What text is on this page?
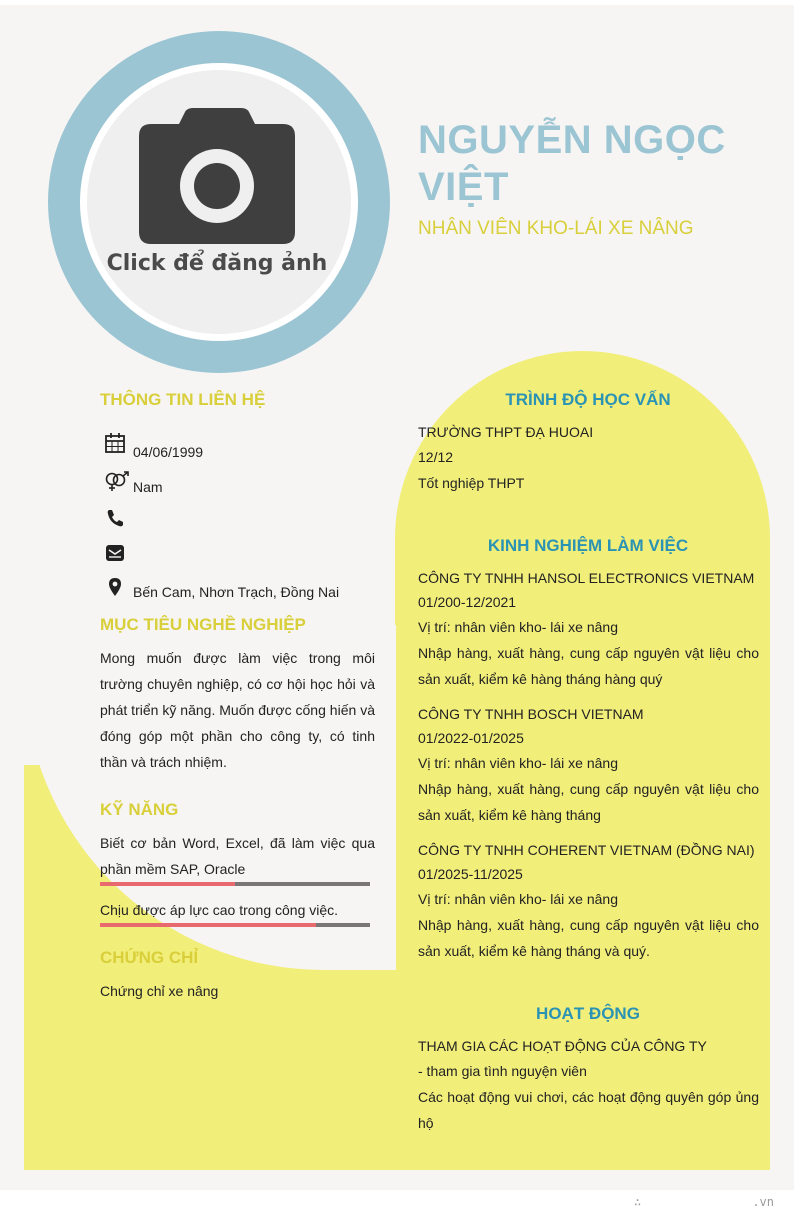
Click để đăng ảnh
NGUYỄN NGỌC
VIỆT
NHÂN VIÊN KHO-LÁI XE NÂNG
THÔNG TIN LIÊN HỆ
04/06/1999
Nam
Bến Cam, Nhơn Trạch, Đồng Nai
MỤC TIÊU NGHỀ NGHIỆP
Mong muốn được làm việc trong môi trường chuyên nghiệp, có cơ hội học hỏi và phát triển kỹ năng. Muốn được cống hiến và đóng góp một phần cho công ty, có tinh thần và trách nhiệm.
KỸ NĂNG
Biết cơ bản Word, Excel, đã làm việc qua phần mềm SAP, Oracle
Chịu được áp lực cao trong công việc.
CHỨNG CHỈ
Chứng chỉ xe nâng
TRÌNH ĐỘ HỌC VẤN
TRƯỜNG THPT ĐẠ HUOAI
12/12
Tốt nghiệp THPT
KINH NGHIỆM LÀM VIỆC
CÔNG TY TNHH HANSOL ELECTRONICS VIETNAM
01/200-12/2021
Vị trí: nhân viên kho- lái xe nâng
Nhập hàng, xuất hàng, cung cấp nguyên vật liệu cho sản xuất, kiểm kê hàng tháng hàng quý
CÔNG TY TNHH BOSCH VIETNAM
01/2022-01/2025
Vị trí: nhân viên kho- lái xe nâng
Nhập hàng, xuất hàng, cung cấp nguyên vật liệu cho sản xuất, kiểm kê hàng tháng
CÔNG TY TNHH COHERENT VIETNAM (ĐỒNG NAI)
01/2025-11/2025
Vị trí: nhân viên kho- lái xe nâng
Nhập hàng, xuất hàng, cung cấp nguyên vật liệu cho sản xuất, kiểm kê hàng tháng và quý.
HOẠT ĐỘNG
THAM GIA CÁC HOẠT ĐỘNG CỦA CÔNG TY
- tham gia tình nguyện viên
Các hoạt động vui chơi, các hoạt động quyên góp ủng hộ
∴	.vn
